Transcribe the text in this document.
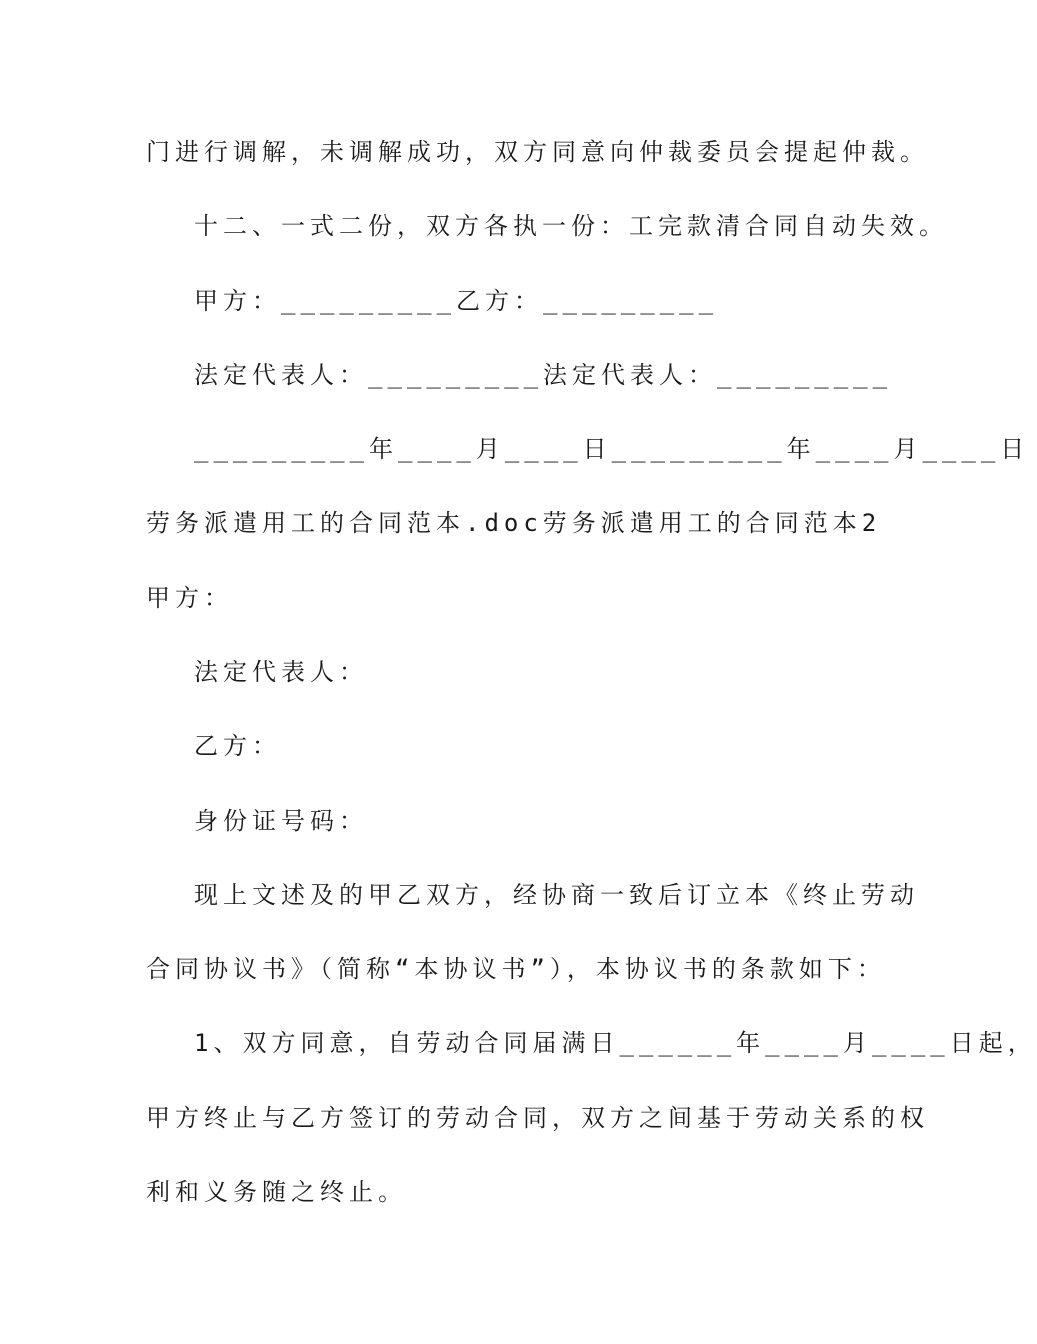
门进行调解，未调解成功，双方同意向仲裁委员会提起仲裁。
十二、一式二份，双方各执一份：工完款清合同自动失效。
甲方：_________乙方：_________
法定代表人：_________法定代表人：_________
_________年____月____日_________年____月____日
劳务派遣用工的合同范本.doc劳务派遣用工的合同范本2
甲方：
法定代表人：
乙方：
身份证号码：
现上文述及的甲乙双方，经协商一致后订立本《终止劳动
合同协议书》（简称“本协议书”），本协议书的条款如下：
1、双方同意，自劳动合同届满日______年____月____日起，
甲方终止与乙方签订的劳动合同，双方之间基于劳动关系的权
利和义务随之终止。
